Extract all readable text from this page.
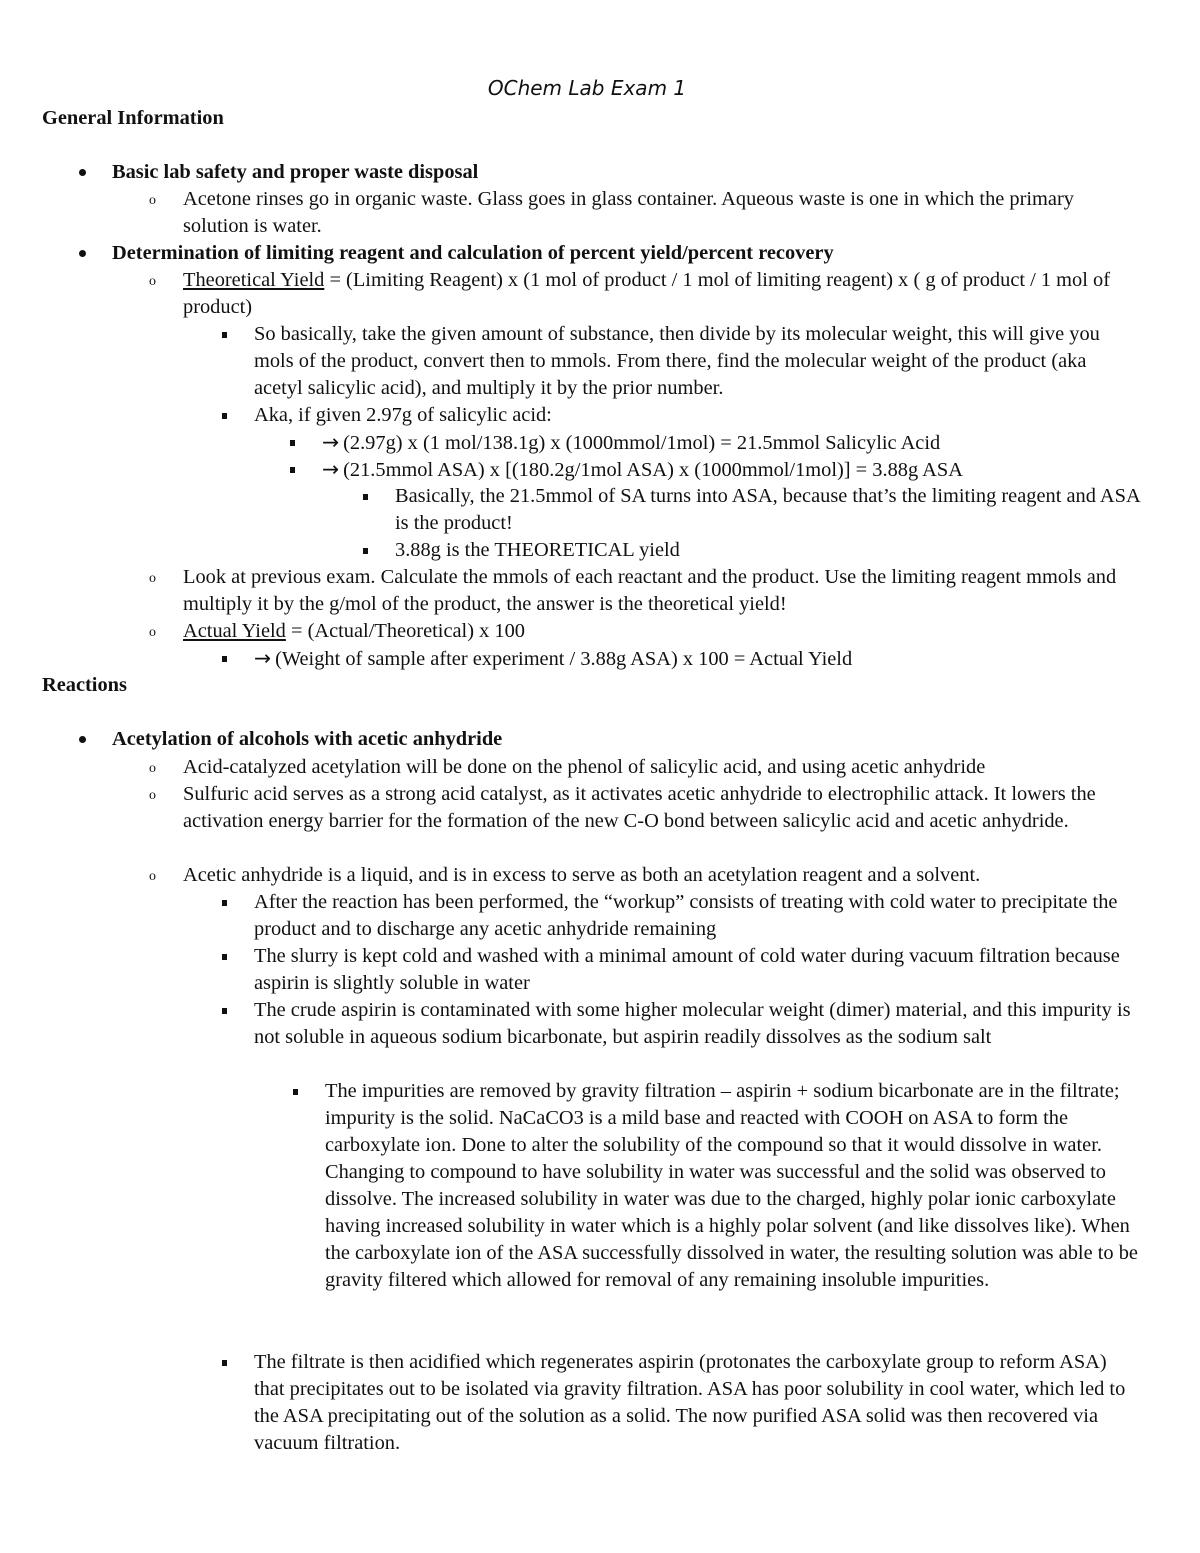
OChem Lab Exam 1
General Information
Basic lab safety and proper waste disposal
o Acetone rinses go in organic waste. Glass goes in glass container. Aqueous waste is one in which the primary solution is water.
Determination of limiting reagent and calculation of percent yield/percent recovery
o Theoretical Yield = (Limiting Reagent) x (1 mol of product / 1 mol of limiting reagent) x ( g of product / 1 mol of product)
So basically, take the given amount of substance, then divide by its molecular weight, this will give you mols of the product, convert then to mmols. From there, find the molecular weight of the product (aka acetyl salicylic acid), and multiply it by the prior number.
Aka, if given 2.97g of salicylic acid:
→ (2.97g) x (1 mol/138.1g) x (1000mmol/1mol) = 21.5mmol Salicylic Acid
→ (21.5mmol ASA) x [(180.2g/1mol ASA) x (1000mmol/1mol)] = 3.88g ASA
Basically, the 21.5mmol of SA turns into ASA, because that’s the limiting reagent and ASA is the product!
3.88g is the THEORETICAL yield
o Look at previous exam. Calculate the mmols of each reactant and the product. Use the limiting reagent mmols and multiply it by the g/mol of the product, the answer is the theoretical yield!
o Actual Yield = (Actual/Theoretical) x 100
→ (Weight of sample after experiment / 3.88g ASA) x 100 = Actual Yield
Reactions
Acetylation of alcohols with acetic anhydride
o Acid-catalyzed acetylation will be done on the phenol of salicylic acid, and using acetic anhydride
o Sulfuric acid serves as a strong acid catalyst, as it activates acetic anhydride to electrophilic attack. It lowers the activation energy barrier for the formation of the new C-O bond between salicylic acid and acetic anhydride.
o Acetic anhydride is a liquid, and is in excess to serve as both an acetylation reagent and a solvent.
After the reaction has been performed, the “workup” consists of treating with cold water to precipitate the product and to discharge any acetic anhydride remaining
The slurry is kept cold and washed with a minimal amount of cold water during vacuum filtration because aspirin is slightly soluble in water
The crude aspirin is contaminated with some higher molecular weight (dimer) material, and this impurity is not soluble in aqueous sodium bicarbonate, but aspirin readily dissolves as the sodium salt
The impurities are removed by gravity filtration – aspirin + sodium bicarbonate are in the filtrate; impurity is the solid. NaCaCO3 is a mild base and reacted with COOH on ASA to form the carboxylate ion. Done to alter the solubility of the compound so that it would dissolve in water. Changing to compound to have solubility in water was successful and the solid was observed to dissolve. The increased solubility in water was due to the charged, highly polar ionic carboxylate having increased solubility in water which is a highly polar solvent (and like dissolves like). When the carboxylate ion of the ASA successfully dissolved in water, the resulting solution was able to be gravity filtered which allowed for removal of any remaining insoluble impurities.
The filtrate is then acidified which regenerates aspirin (protonates the carboxylate group to reform ASA) that precipitates out to be isolated via gravity filtration. ASA has poor solubility in cool water, which led to the ASA precipitating out of the solution as a solid. The now purified ASA solid was then recovered via vacuum filtration.
